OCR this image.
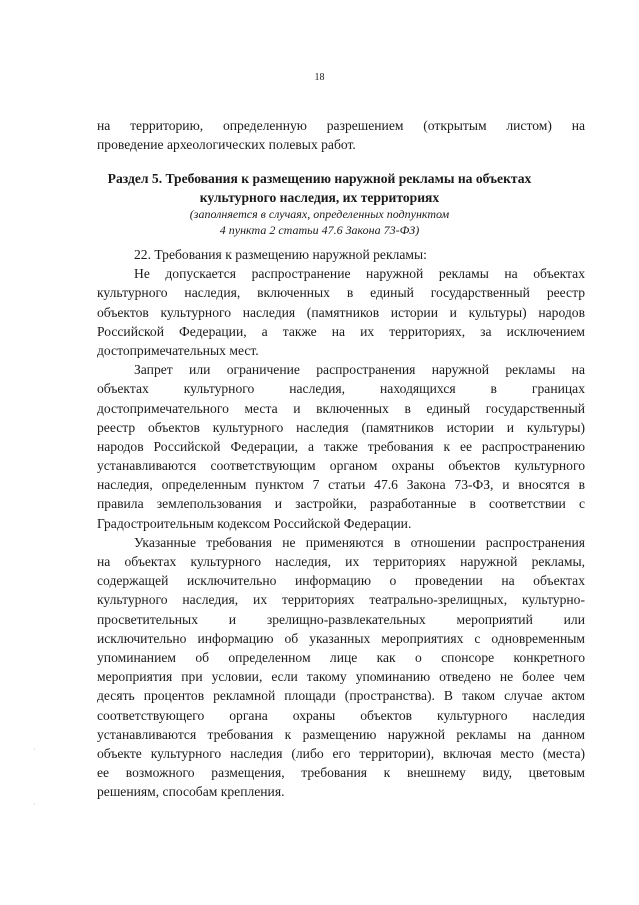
18
на территорию, определенную разрешением (открытым листом) на
проведение археологических полевых работ.
Раздел 5. Требования к размещению наружной рекламы на объектах
культурного наследия, их территориях
(заполняется в случаях, определенных подпунктом
4 пункта 2 статьи 47.6 Закона 73-ФЗ)
22. Требования к размещению наружной рекламы:
Не допускается распространение наружной рекламы на объектах
культурного наследия, включенных в единый государственный реестр
объектов культурного наследия (памятников истории и культуры) народов
Российской Федерации, а также на их территориях, за исключением
достопримечательных мест.
Запрет или ограничение распространения наружной рекламы на
объектах культурного наследия, находящихся в границах
достопримечательного места и включенных в единый государственный
реестр объектов культурного наследия (памятников истории и культуры)
народов Российской Федерации, а также требования к ее распространению
устанавливаются соответствующим органом охраны объектов культурного
наследия, определенным пунктом 7 статьи 47.6 Закона 73-ФЗ, и вносятся в
правила землепользования и застройки, разработанные в соответствии с
Градостроительным кодексом Российской Федерации.
Указанные требования не применяются в отношении распространения
на объектах культурного наследия, их территориях наружной рекламы,
содержащей исключительно информацию о проведении на объектах
культурного наследия, их территориях театрально-зрелищных, культурно-
просветительных и зрелищно-развлекательных мероприятий или
исключительно информацию об указанных мероприятиях с одновременным
упоминанием об определенном лице как о спонсоре конкретного
мероприятия при условии, если такому упоминанию отведено не более чем
десять процентов рекламной площади (пространства). В таком случае актом
соответствующего органа охраны объектов культурного наследия
устанавливаются требования к размещению наружной рекламы на данном
объекте культурного наследия (либо его территории), включая место (места)
ее возможного размещения, требования к внешнему виду, цветовым
решениям, способам крепления.
·
·
